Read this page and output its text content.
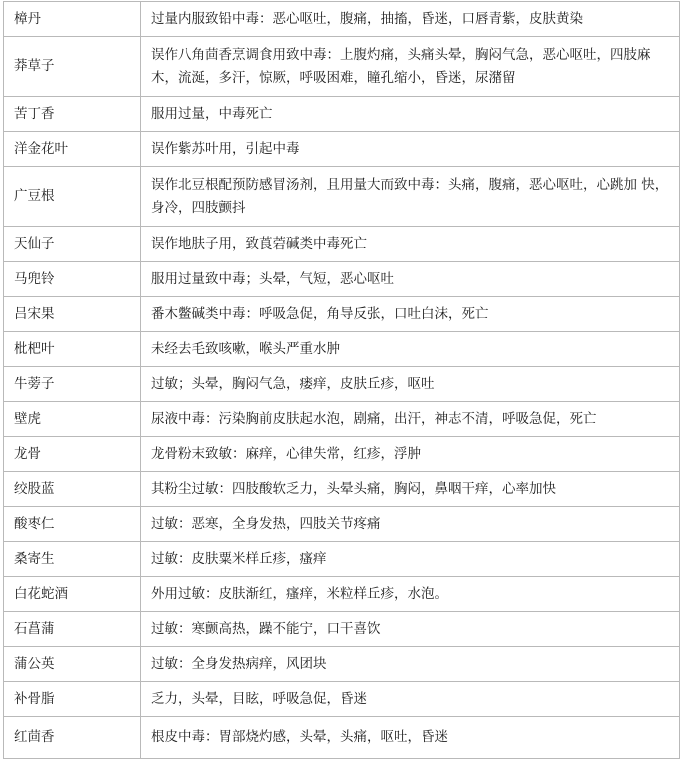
樟丹	过量内服致铅中毒：恶心呕吐，腹痛，抽搐，昏迷，口唇青紫，皮肤黄染
莽草子	误作八角茴香烹调食用致中毒：上腹灼痛，头痛头晕，胸闷气急，恶心呕吐，四肢麻 木，流涎，多汗，惊厥，呼吸困难，瞳孔缩小，昏迷，尿潴留
苦丁香	服用过量，中毒死亡
洋金花叶	误作紫苏叶用，引起中毒
广豆根	误作北豆根配预防感冒汤剂，且用量大而致中毒：头痛，腹痛，恶心呕吐，心跳加 快，身冷，四肢颤抖
天仙子	误作地肤子用，致莨菪碱类中毒死亡
马兜铃	服用过量致中毒；头晕，气短，恶心呕吐
吕宋果	番木鳖碱类中毒：呼吸急促，角导反张，口吐白沫，死亡
枇杷叶	未经去毛致咳嗽，喉头严重水肿
牛蒡子	过敏；头晕，胸闷气急，瘘痒，皮肤丘疹，呕吐
壁虎	尿液中毒：污染胸前皮肤起水泡，剧痛，出汗，神志不清，呼吸急促，死亡
龙骨	龙骨粉末致敏：麻痒，心律失常，红疹，浮肿
绞股蓝	其粉尘过敏：四肢酸软乏力，头晕头痛，胸闷，鼻咽干痒，心率加快
酸枣仁	过敏：恶寒，全身发热，四肢关节疼痛
桑寄生	过敏：皮肤粟米样丘疹，瘙痒
白花蛇酒	外用过敏：皮肤渐红，瘙痒，米粒样丘疹，水泡。
石菖蒲	过敏：寒颤高热，躁不能宁，口干喜饮
蒲公英	过敏：全身发热病痒，风团块
补骨脂	乏力，头晕，目眩，呼吸急促，昏迷
红茴香	根皮中毒：胃部烧灼感，头晕，头痛，呕吐，昏迷
